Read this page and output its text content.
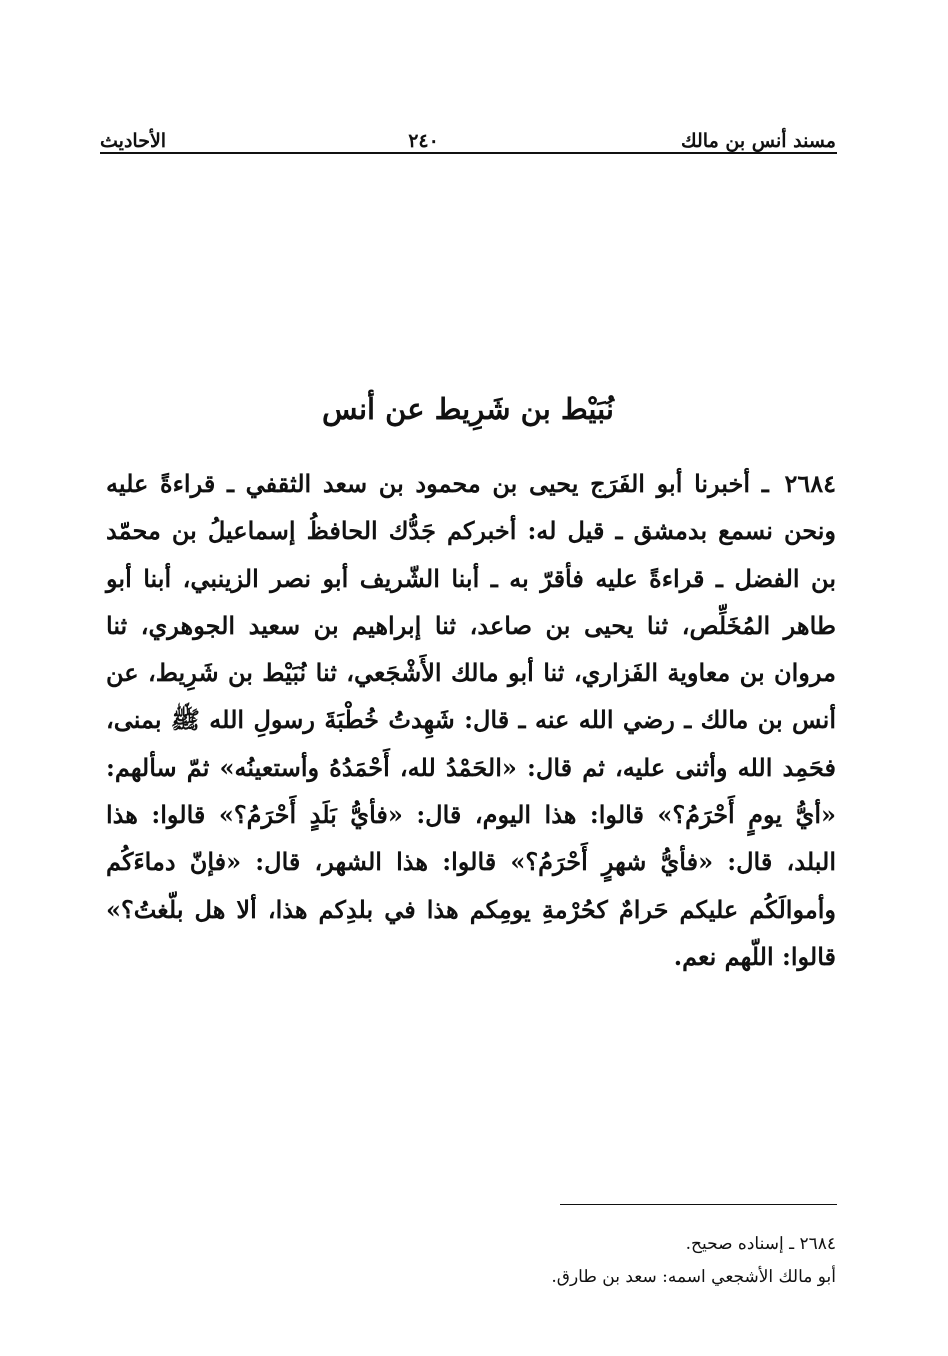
مسند أنس بن مالك
٢٤٠
الأحاديث
نُبَيْط بن شَرِيط عن أنس
٢٦٨٤ ـ أخبرنا أبو الفَرَج يحيى بن محمود بن سعد الثقفي ـ قراءةً عليه ونحن نسمع بدمشق ـ قيل له: أخبركم جَدُّك الحافظُ إسماعيلُ بن محمّد بن الفضل ـ قراءةً عليه فأقرّ به ـ أبنا الشّريف أبو نصر الزينبي، أبنا أبو طاهر المُخَلِّص، ثنا يحيى بن صاعد، ثنا إبراهيم بن سعيد الجوهري، ثنا مروان بن معاوية الفَزاري، ثنا أبو مالك الأَشْجَعي، ثنا نُبَيْط بن شَرِيط، عن أنس بن مالك ـ رضي الله عنه ـ قال: شَهِدتُ خُطْبَةَ رسولِ الله ﷺ بمنى، فحَمِد الله وأثنى عليه، ثم قال: «الحَمْدُ لله، أَحْمَدُهُ وأستعينُه» ثمّ سألهم: «أيُّ يومٍ أَحْرَمُ؟» قالوا: هذا اليوم، قال: «فأيُّ بَلَدٍ أَحْرَمُ؟» قالوا: هذا البلد، قال: «فأيُّ شهرٍ أَحْرَمُ؟» قالوا: هذا الشهر، قال: «فإنّ دماءَكُم وأموالَكُم عليكم حَرامٌ كحُرْمةِ يومِكم هذا في بلدِكم هذا، ألا هل بلّغتُ؟» قالوا: اللّهم نعم.
٢٦٨٤ ـ إسناده صحيح.
أبو مالك الأشجعي اسمه: سعد بن طارق.
